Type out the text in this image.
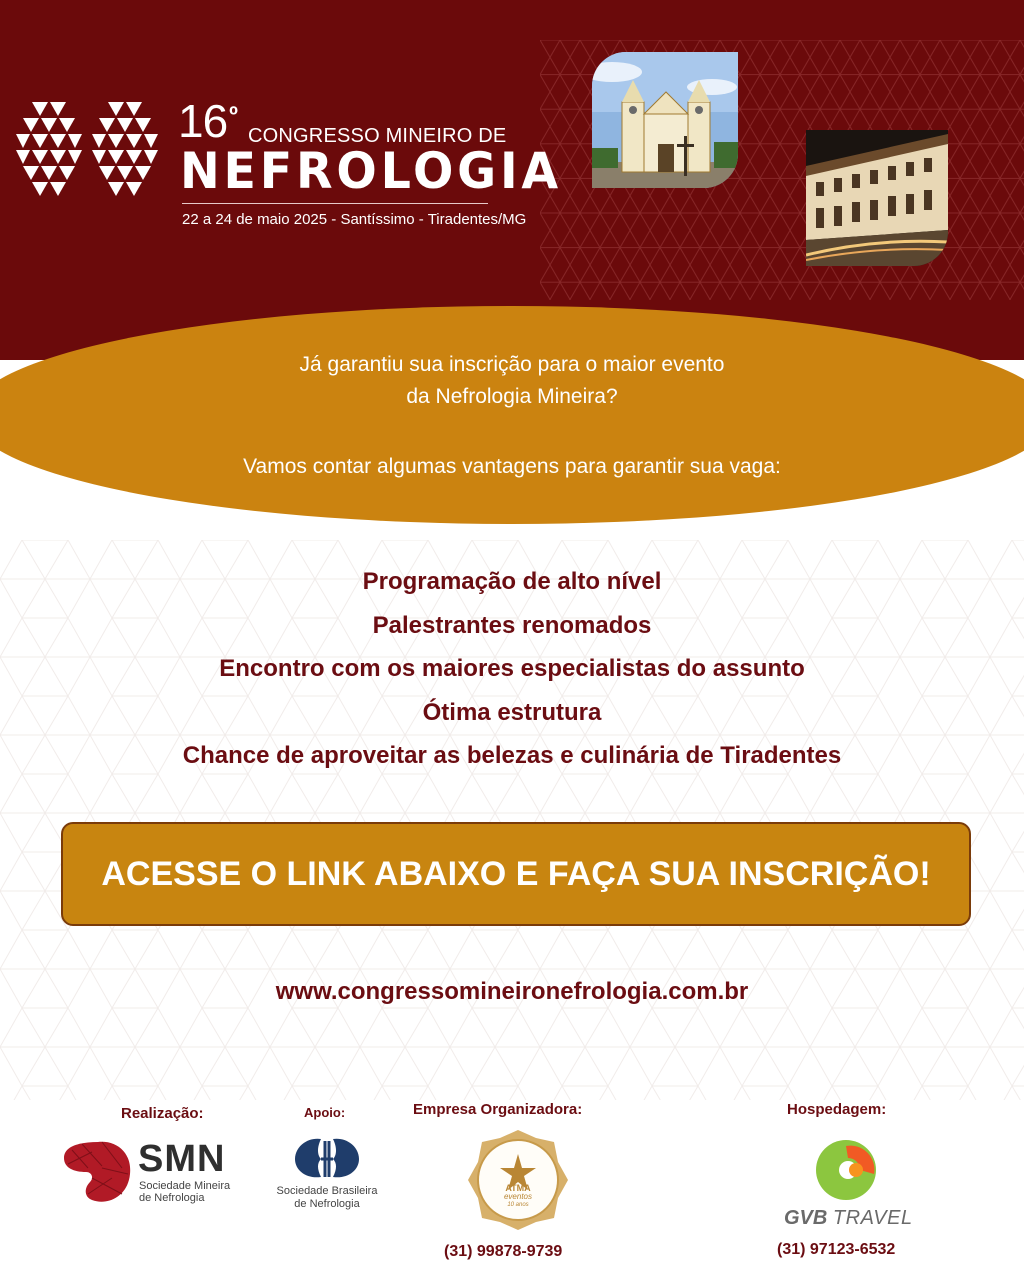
$16^º$
CONGRESSO MINEIRO DE
NEFROLOGIA
22 a 24 de maio 2025 - Santíssimo - Tiradentes/MG
Já garantiu sua inscrição para o maior evento
da Nefrologia Mineira?
Vamos contar algumas vantagens para garantir sua vaga:
Programação de alto nível
Palestrantes renomados
Encontro com os maiores especialistas do assunto
Ótima estrutura
Chance de aproveitar as belezas e culinária de Tiradentes
ACESSE O LINK ABAIXO E FAÇA SUA INSCRIÇÃO!
www.congressomineironefrologia.com.br
Realização:
SMN
Sociedade Mineira
de Nefrologia
Apoio:
Sociedade Brasileira
de Nefrologia
Empresa Organizadora:
ATMA
eventos
10 anos
(31) 99878-9739
Hospedagem:
GVB TRAVEL
(31) 97123-6532
